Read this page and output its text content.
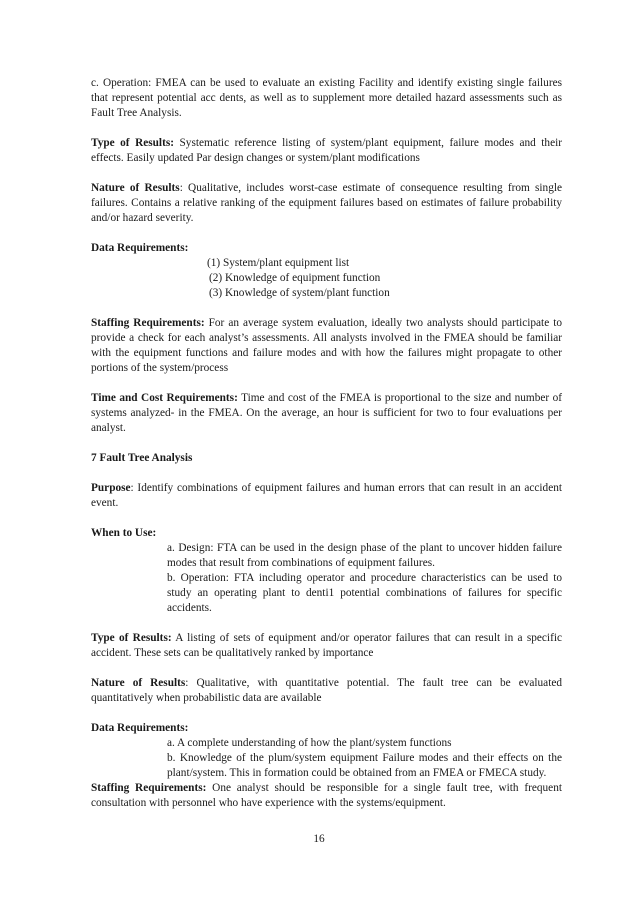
c. Operation: FMEA can be used to evaluate an existing Facility and identify existing single failures that represent potential acc dents, as well as to supplement more detailed hazard assessments such as Fault Tree Analysis.

Type of Results: Systematic reference listing of system/plant equipment, failure modes and their effects. Easily updated Par design changes or system/plant modifications

Nature of Results: Qualitative, includes worst-case estimate of consequence resulting from single failures. Contains a relative ranking of the equipment failures based on estimates of failure probability and/or hazard severity.

Data Requirements:
(1) System/plant equipment list
(2) Knowledge of equipment function
(3) Knowledge of system/plant function

Staffing Requirements: For an average system evaluation, ideally two analysts should participate to provide a check for each analyst’s assessments. All analysts involved in the FMEA should be familiar with the equipment functions and failure modes and with how the failures might propagate to other portions of the system/process

Time and Cost Requirements: Time and cost of the FMEA is proportional to the size and number of systems analyzed- in the FMEA. On the average, an hour is sufficient for two to four evaluations per analyst.

7 Fault Tree Analysis

Purpose: Identify combinations of equipment failures and human errors that can result in an accident event.

When to Use:

a. Design: FTA can be used in the design phase of the plant to uncover hidden failure modes that result from combinations of equipment failures.

b. Operation: FTA including operator and procedure characteristics can be used to study an operating plant to denti1 potential combinations of failures for specific accidents.

Type of Results: A listing of sets of equipment and/or operator failures that can result in a specific accident. These sets can be qualitatively ranked by importance

Nature of Results: Qualitative, with quantitative potential. The fault tree can be evaluated quantitatively when probabilistic data are available

Data Requirements:

a. A complete understanding of how the plant/system functions

b. Knowledge of the plum/system equipment Failure modes and their effects on the plant/system. This in formation could be obtained from an FMEA or FMECA study.

Staffing Requirements: One analyst should be responsible for a single fault tree, with frequent consultation with personnel who have experience with the systems/equipment.

16
